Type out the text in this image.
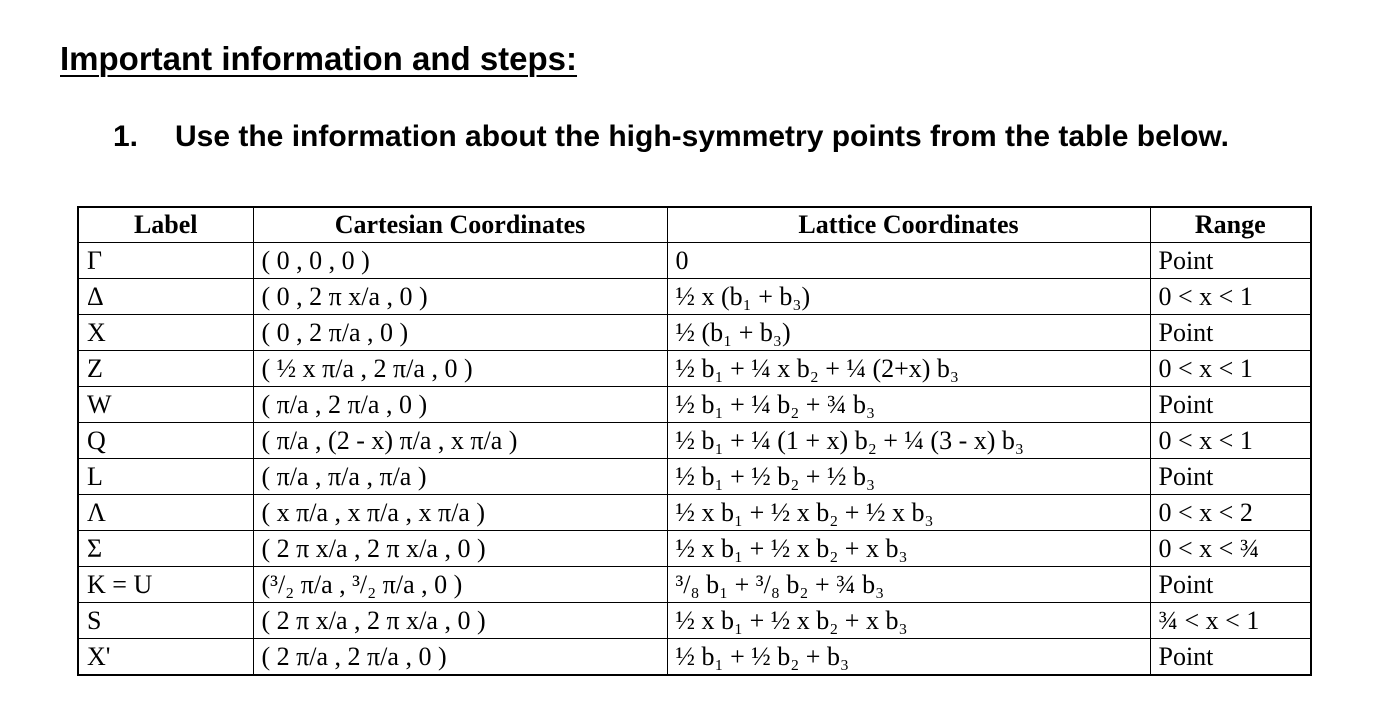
Important information and steps:

1. Use the information about the high-symmetry points from the table below.

Label	Cartesian Coordinates	Lattice Coordinates	Range
Γ	( 0 , 0 , 0 )	0	Point
Δ	( 0 , 2 π x/a , 0 )	½ x (b₁ + b₃)	0 < x < 1
X	( 0 , 2 π/a , 0 )	½ (b₁ + b₃)	Point
Z	( ½ x π/a , 2 π/a , 0 )	½ b₁ + ¼ x b₂ + ¼ (2+x) b₃	0 < x < 1
W	( π/a , 2 π/a , 0 )	½ b₁ + ¼ b₂ + ¾ b₃	Point
Q	( π/a , (2 - x) π/a , x π/a )	½ b₁ + ¼ (1 + x) b₂ + ¼ (3 - x) b₃	0 < x < 1
L	( π/a , π/a , π/a )	½ b₁ + ½ b₂ + ½ b₃	Point
Λ	( x π/a , x π/a , x π/a )	½ x b₁ + ½ x b₂ + ½ x b₃	0 < x < 2
Σ	( 2 π x/a , 2 π x/a , 0 )	½ x b₁ + ½ x b₂ + x b₃	0 < x < ¾
K = U	(³/₂ π/a , ³/₂ π/a , 0 )	³/₈ b₁ + ³/₈ b₂ + ¾ b₃	Point
S	( 2 π x/a , 2 π x/a , 0 )	½ x b₁ + ½ x b₂ + x b₃	¾ < x < 1
X'	( 2 π/a , 2 π/a , 0 )	½ b₁ + ½ b₂ + b₃	Point
